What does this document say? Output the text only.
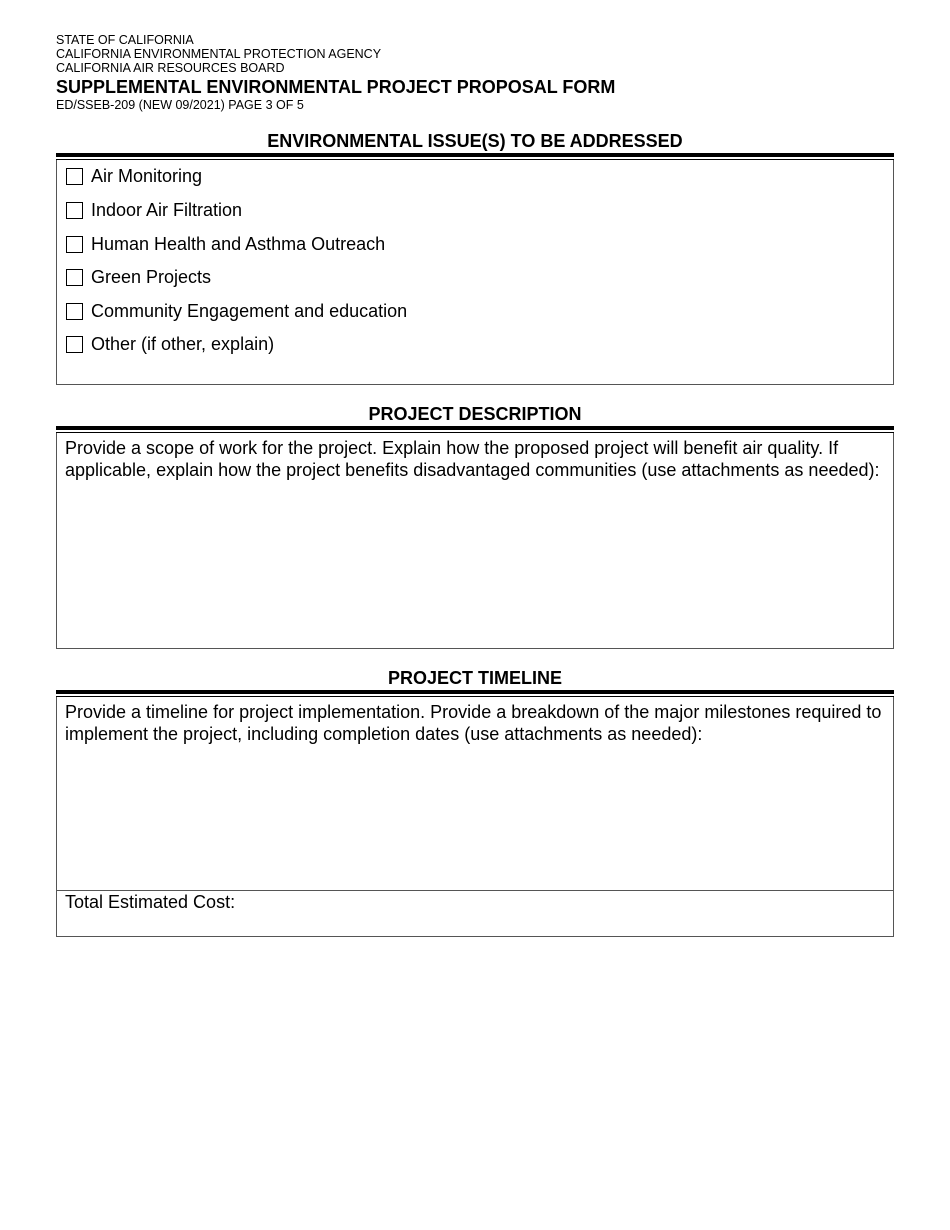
STATE OF CALIFORNIA
CALIFORNIA ENVIRONMENTAL PROTECTION AGENCY
CALIFORNIA AIR RESOURCES BOARD
SUPPLEMENTAL ENVIRONMENTAL PROJECT PROPOSAL FORM
ED/SSEB-209 (NEW 09/2021) PAGE 3 OF 5
ENVIRONMENTAL ISSUE(S) TO BE ADDRESSED
Air Monitoring
Indoor Air Filtration
Human Health and Asthma Outreach
Green Projects
Community Engagement and education
Other (if other, explain)
PROJECT DESCRIPTION
Provide a scope of work for the project. Explain how the proposed project will benefit air quality. If applicable, explain how the project benefits disadvantaged communities (use attachments as needed):
PROJECT TIMELINE
Provide a timeline for project implementation. Provide a breakdown of the major milestones required to implement the project, including completion dates (use attachments as needed):
Total Estimated Cost:
